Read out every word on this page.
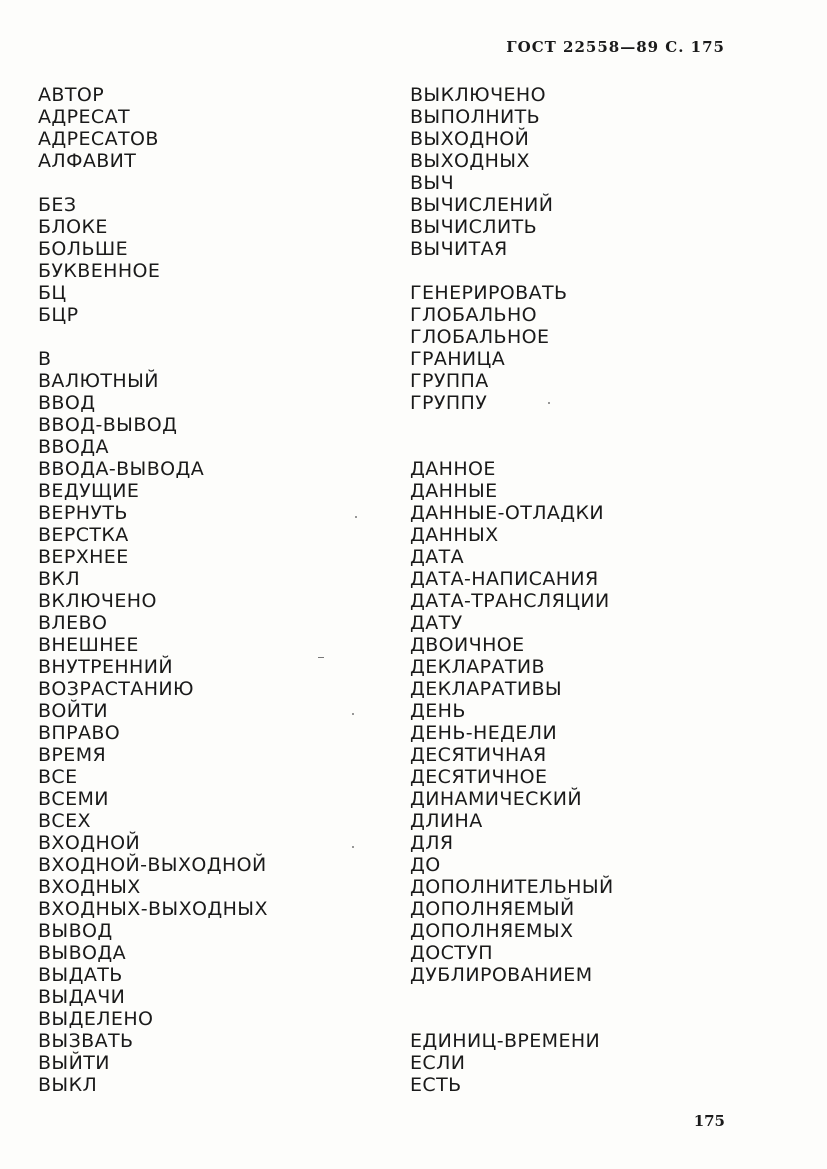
ГОСТ 22558—89 С. 175
АВТОР
АДРЕСАТ
АДРЕСАТОВ
АЛФАВИТ
БЕЗ
БЛОКЕ
БОЛЬШЕ
БУКВЕННОЕ
БЦ
БЦР
В
ВАЛЮТНЫЙ
ВВОД
ВВОД-ВЫВОД
ВВОДА
ВВОДА-ВЫВОДА
ВЕДУЩИЕ
ВЕРНУТЬ
ВЕРСТКА
ВЕРХНЕЕ
ВКЛ
ВКЛЮЧЕНО
ВЛЕВО
ВНЕШНЕЕ
ВНУТРЕННИЙ
ВОЗРАСТАНИЮ
ВОЙТИ
ВПРАВО
ВРЕМЯ
ВСЕ
ВСЕМИ
ВСЕХ
ВХОДНОЙ
ВХОДНОЙ-ВЫХОДНОЙ
ВХОДНЫХ
ВХОДНЫХ-ВЫХОДНЫХ
ВЫВОД
ВЫВОДА
ВЫДАТЬ
ВЫДАЧИ
ВЫДЕЛЕНО
ВЫЗВАТЬ
ВЫЙТИ
ВЫКЛ
ВЫКЛЮЧЕНО
ВЫПОЛНИТЬ
ВЫХОДНОЙ
ВЫХОДНЫХ
ВЫЧ
ВЫЧИСЛЕНИЙ
ВЫЧИСЛИТЬ
ВЫЧИТАЯ
ГЕНЕРИРОВАТЬ
ГЛОБАЛЬНО
ГЛОБАЛЬНОЕ
ГРАНИЦА
ГРУППА
ГРУППУ
ДАННОЕ
ДАННЫЕ
ДАННЫЕ-ОТЛАДКИ
ДАННЫХ
ДАТА
ДАТА-НАПИСАНИЯ
ДАТА-ТРАНСЛЯЦИИ
ДАТУ
ДВОИЧНОЕ
ДЕКЛАРАТИВ
ДЕКЛАРАТИВЫ
ДЕНЬ
ДЕНЬ-НЕДЕЛИ
ДЕСЯТИЧНАЯ
ДЕСЯТИЧНОЕ
ДИНАМИЧЕСКИЙ
ДЛИНА
ДЛЯ
ДО
ДОПОЛНИТЕЛЬНЫЙ
ДОПОЛНЯЕМЫЙ
ДОПОЛНЯЕМЫХ
ДОСТУП
ДУБЛИРОВАНИЕМ
ЕДИНИЦ-ВРЕМЕНИ
ЕСЛИ
ЕСТЬ
175
